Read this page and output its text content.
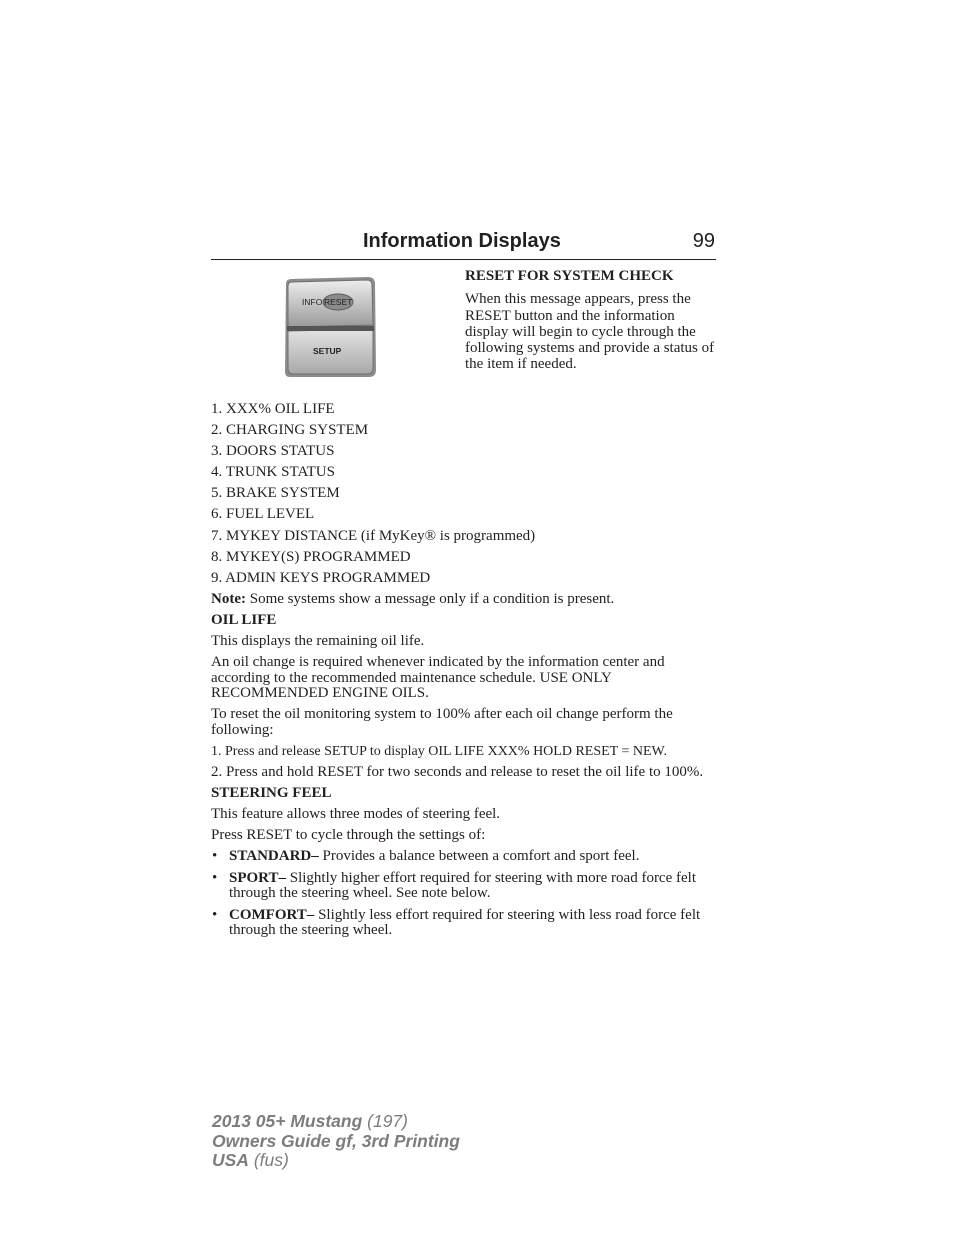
Information Displays	99
INFO RESET
SETUP
RESET FOR SYSTEM CHECK
When this message appears, press the RESET button and the information display will begin to cycle through the following systems and provide a status of the item if needed.
1. XXX% OIL LIFE
2. CHARGING SYSTEM
3. DOORS STATUS
4. TRUNK STATUS
5. BRAKE SYSTEM
6. FUEL LEVEL
7. MYKEY DISTANCE (if MyKey® is programmed)
8. MYKEY(S) PROGRAMMED
9. ADMIN KEYS PROGRAMMED

Note: Some systems show a message only if a condition is present.

OIL LIFE

This displays the remaining oil life.

An oil change is required whenever indicated by the information center and according to the recommended maintenance schedule. USE ONLY RECOMMENDED ENGINE OILS.

To reset the oil monitoring system to 100% after each oil change perform the following:

1. Press and release SETUP to display OIL LIFE XXX% HOLD RESET = NEW.

2. Press and hold RESET for two seconds and release to reset the oil life to 100%.

STEERING FEEL

This feature allows three modes of steering feel.

Press RESET to cycle through the settings of:

• STANDARD– Provides a balance between a comfort and sport feel.
• SPORT– Slightly higher effort required for steering with more road force felt through the steering wheel. See note below.
• COMFORT– Slightly less effort required for steering with less road force felt through the steering wheel.
2013 05+ Mustang (197)
Owners Guide gf, 3rd Printing
USA (fus)
